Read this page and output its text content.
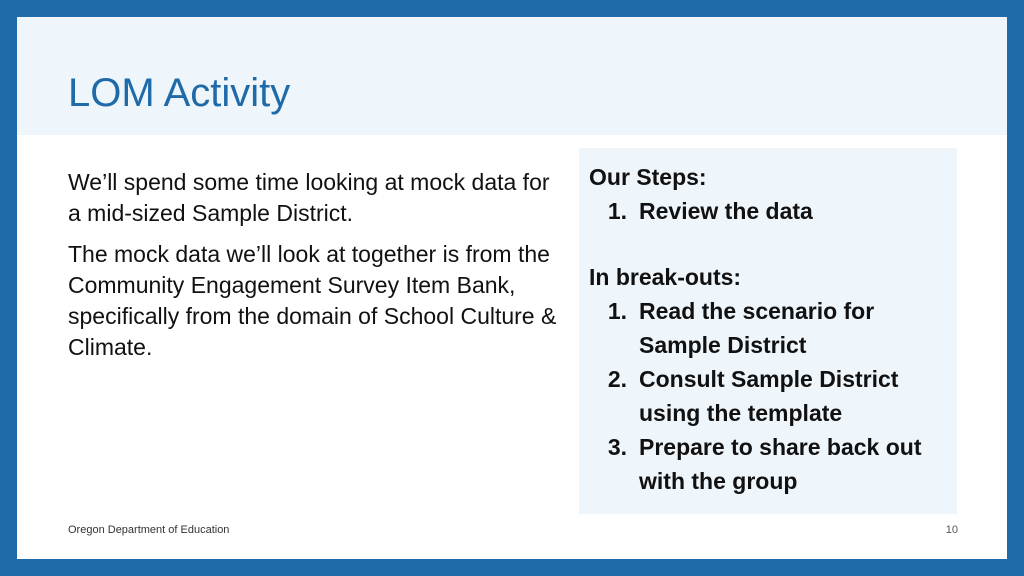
LOM Activity

We’ll spend some time looking at mock data for a mid-sized Sample District.

The mock data we’ll look at together is from the Community Engagement Survey Item Bank, specifically from the domain of School Culture & Climate.

Our Steps:
1. Review the data
In break-outs:
1. Read the scenario for Sample District
2. Consult Sample District using the template
3. Prepare to share back out with the group
Oregon Department of Education	10
